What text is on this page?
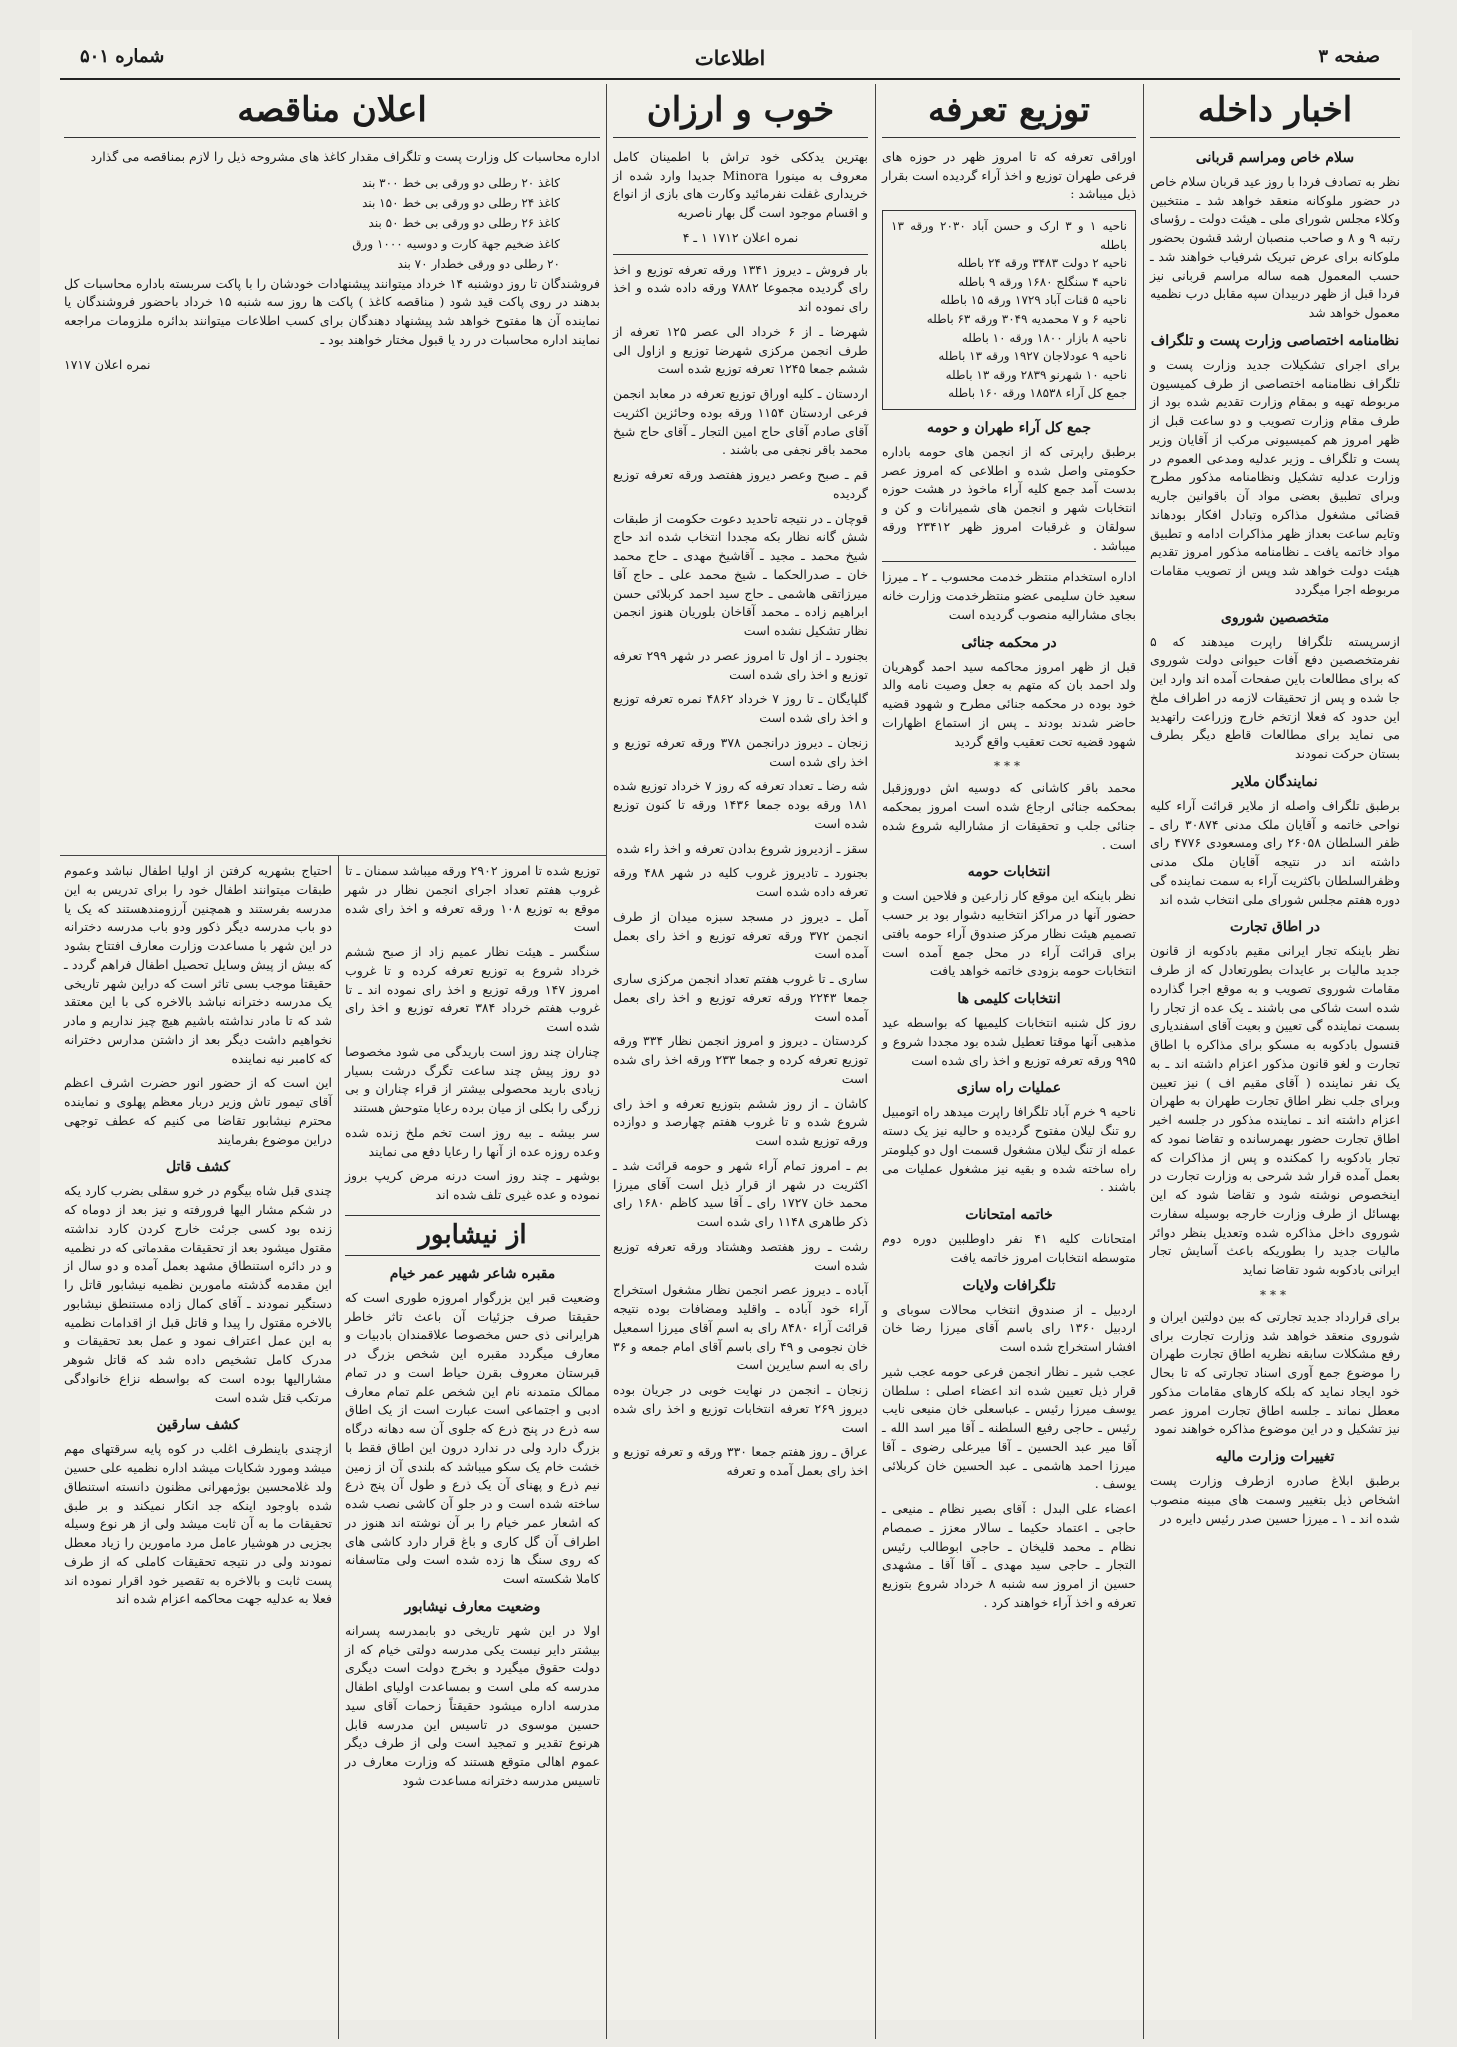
شماره ۵۰۱	اطلاعات	صفحه ۳
اخبار داخله
سلام خاص ومراسم قربانی

نظر به تصادف فردا با روز عید قربان سلام خاص در حضور ملوکانه منعقد خواهد شد ـ منتخبین وکلاء مجلس شورای ملی ـ هیئت دولت ـ رؤسای رتبه ۹ و ۸ و صاحب منصبان ارشد قشون بحضور ملوکانه برای عرض تبریک شرفیاب خواهند شد ـ حسب المعمول همه ساله مراسم قربانی نیز فردا قبل از ظهر دربیدان سپه مقابل درب نظمیه معمول خواهد شد

نظامنامه اختصاصی وزارت پست و تلگراف

برای اجرای تشکیلات جدید وزارت پست و تلگراف نظامنامه اختصاصی از طرف کمیسیون مربوطه تهیه و بمقام وزارت تقدیم شده بود از طرف مقام وزارت تصویب و دو ساعت قبل از ظهر امروز هم کمیسیونی مرکب از آقایان وزیر پست و تلگراف ـ وزیر عدلیه ومدعی العموم در وزارت عدلیه تشکیل ونظامنامه مذکور مطرح وبرای تطبیق بعضی مواد آن باقوانین جاریه قضائی مشغول مذاکره وتبادل افکار بودهاند وتایم ساعت بعداز ظهر مذاکرات ادامه و تطبیق مواد خاتمه یافت ـ نظامنامه مذکور امروز تقدیم هیئت دولت خواهد شد وپس از تصویب مقامات مربوطه اجرا میگردد

متخصصین شوروی

ازسرپسته تلگرافا راپرت میدهند که ۵ نفرمتخصصین دفع آفات حیوانی دولت شوروی که برای مطالعات باین صفحات آمده اند وارد این جا شده و پس از تحقیقات لازمه در اطراف ملخ این حدود که فعلا ازتخم خارج وزراعت راتهدید می نماید برای مطالعات قاطع دیگر بطرف بستان حرکت نمودند

نمایندگان ملایر

برطبق تلگراف واصله از ملایر قرائت آراء کلیه نواحی خاتمه و آقایان ملک مدنی ۳۰۸۷۴ رای ـ ظفر السلطان ۲۶۰۵۸ رای ومسعودی ۴۷۷۶ رای داشته اند در نتیجه آقایان ملک مدنی وظفرالسلطان باکثریت آراء به سمت نماینده گی دوره هفتم مجلس شورای ملی انتخاب شده اند

در اطاق تجارت

نظر باینکه تجار ایرانی مقیم بادکوبه از قانون جدید مالیات بر عایدات بطورتعادل که از طرف مقامات شوروی تصویب و به موقع اجرا گذارده شده است شاکی می باشند ـ یک عده از تجار را بسمت نماینده گی تعیین و بعیت آقای اسفندیاری قنسول بادکوبه به مسکو برای مذاکره با اطاق تجارت و لغو قانون مذکور اعزام داشته اند ـ به یک نفر نماینده ( آقای مقیم اف ) نیز تعیین وبرای جلب نظر اطاق تجارت طهران به طهران اعزام داشته اند ـ نماینده مذکور در جلسه اخیر اطاق تجارت حضور بهمرسانده و تقاضا نمود که تجار بادکوبه را کمکنده و پس از مذاکرات که بعمل آمده قرار شد شرحی به وزارت تجارت در اینخصوص نوشته شود و تقاضا شود که این بهسائل از طرف وزارت خارجه بوسیله سفارت شوروی داخل مذاکره شده وتعدیل بنظر دوائر مالیات جدید را بطوریکه باعث آسایش تجار ایرانی بادکوبه شود تقاضا نماید

***

برای قرارداد جدید تجارتی که بین دولتین ایران و شوروی منعقد خواهد شد وزارت تجارت برای رفع مشکلات سابقه نظریه اطاق تجارت طهران را موضوع جمع آوری اسناد تجارتی که تا بحال خود ایجاد نماید که بلکه کارهای مقامات مذکور معطل نماند ـ جلسه اطاق تجارت امروز عصر نیز تشکیل و در این موضوع مذاکره خواهند نمود

تغییرات وزارت مالیه

برطبق ابلاغ صادره ازطرف وزارت پست اشخاص ذیل بتغییر وسمت های مبینه منصوب شده اند ـ ۱ ـ میرزا حسین صدر رئیس دایره در

توزیع تعرفه

اوراقی تعرفه که تا امروز ظهر در حوزه های فرعی طهران توزیع و اخذ آراء گردیده است بقرار ذیل میباشد :

ناحیه ۱ و ۳ ارک و حسن آباد ۲۰۳۰ ورقه ۱۳ باطله
ناحیه ۲ دولت ۳۴۸۳ ورقه ۲۴ باطله
ناحیه ۴ سنگلج ۱۶۸۰ ورقه ۹ باطله
ناحیه ۵ قنات آباد ۱۷۲۹ ورقه ۱۵ باطله
ناحیه ۶ و ۷ محمدیه ۳۰۴۹ ورقه ۶۳ باطله
ناحیه ۸ بازار ۱۸۰۰ ورقه ۱۰ باطله
ناحیه ۹ عودلاجان ۱۹۲۷ ورقه ۱۳ باطله
ناحیه ۱۰ شهرنو ۲۸۳۹ ورقه ۱۳ باطله
جمع کل آراء ۱۸۵۳۸ ورقه ۱۶۰ باطله
جمع کل آراء طهران و حومه

برطبق راپرتی که از انجمن های حومه باداره حکومتی واصل شده و اطلاعی که امروز عصر بدست آمد جمع کلیه آراء ماخوذ در هشت حوزه انتخابات شهر و انجمن های شمیرانات و کن و سولقان و غرقبات امروز ظهر ۲۳۴۱۲ ورقه میباشد .

اداره استخدام منتظر خدمت محسوب ـ ۲ ـ میرزا سعید خان سلیمی عضو منتظرخدمت وزارت خانه بجای مشارالیه منصوب گردیده است

در محکمه جنائی

قبل از ظهر امروز محاکمه سید احمد گوهریان ولد احمد بان که متهم به جعل وصیت نامه والد خود بوده در محکمه جنائی مطرح و شهود قضیه حاضر شدند بودند ـ پس از استماع اظهارات شهود قضیه تحت تعقیب واقع گردید

***

محمد باقر کاشانی که دوسیه اش دوروزقبل بمحکمه جنائی ارجاع شده است امروز بمحکمه جنائی جلب و تحقیقات از مشارالیه شروع شده است .

انتخابات حومه

نظر باینکه این موقع کار زارعین و فلاحین است و حضور آنها در مراکز انتخابیه دشوار بود بر حسب تصمیم هیئت نظار مرکز صندوق آراء حومه بافتی برای قرائت آراء در محل جمع آمده است انتخابات حومه بزودی خاتمه خواهد یافت

انتخابات کلیمی ها

روز کل شنبه انتخابات کلیمیها که بواسطه عید مذهبی آنها موقتا تعطیل شده بود مجددا شروع و ۹۹۵ ورقه تعرفه توزیع و اخذ رای شده است

عملیات راه سازی

ناحیه ۹ خرم آباد تلگرافا راپرت میدهد راه اتومبیل رو تنگ لیلان مفتوح گردیده و حالیه نیز یک دسته عمله از تنگ لیلان مشغول قسمت اول دو کیلومتر راه ساخته شده و بقیه نیز مشغول عملیات می باشند .

خاتمه امتحانات

امتحانات کلیه ۴۱ نفر داوطلبین دوره دوم متوسطه انتخابات امروز خاتمه یافت

تلگرافات ولایات

اردبیل ـ از صندوق انتخاب محالات سوبای و اردبیل ۱۳۶۰ رای باسم آقای میرزا رضا خان افشار استخراج شده است

عجب شیر ـ نظار انجمن فرعی حومه عجب شیر قرار ذیل تعیین شده اند اعضاء اصلی : سلطان یوسف میرزا رئیس ـ عباسعلی خان منیعی نایب رئیس ـ حاجی رفیع السلطنه ـ آقا میر اسد الله ـ آقا میر عبد الحسین ـ آقا میرعلی رضوی ـ آقا میرزا احمد هاشمی ـ عبد الحسین خان کربلائی یوسف .

اعضاء علی البدل : آقای بصیر نظام ـ منیعی ـ حاجی ـ اعتماد حکیما ـ سالار معزز ـ صمصام نظام ـ محمد قلیخان ـ حاجی ابوطالب رئیس التجار ـ حاجی سید مهدی ـ آقا آقا ـ مشهدی حسین از امروز سه شنبه ۸ خرداد شروع بتوزیع تعرفه و اخذ آراء خواهند کرد .

خوب و ارزان

بهترین یدککی خود تراش با اطمینان کامل معروف به مینورا Minora جدیدا وارد شده از خریداری غفلت نفرمائید وکارت های بازی از انواع و اقسام موجود است گل بهار ناصریه

نمره اعلان ۱۷۱۲ ۱ ـ ۴

بار فروش ـ دیروز ۱۳۴۱ ورقه تعرفه توزیع و اخذ رای گردیده مجموعا ۷۸۸۲ ورقه داده شده و اخذ رای نموده اند

شهرضا ـ از ۶ خرداد الی عصر ۱۲۵ تعرفه از طرف انجمن مرکزی شهرضا توزیع و ازاول الی ششم جمعا ۱۲۴۵ تعرفه توزیع شده است

اردستان ـ کلیه اوراق توزیع تعرفه در معابد انجمن فرعی اردستان ۱۱۵۴ ورقه بوده وحائزین اکثریت آقای صادم آقای حاج امین التجار ـ آقای حاج شیخ محمد باقر نجفی می باشند .

قم ـ صبح وعصر دیروز هفتصد ورقه تعرفه توزیع گردیده

قوچان ـ در نتیجه تاحدید دعوت حکومت از طبقات شش گانه نظار بکه مجددا انتخاب شده اند حاج شیخ محمد ـ مجید ـ آقاشیخ مهدی ـ حاج محمد خان ـ صدرالحکما ـ شیخ محمد علی ـ حاج آقا میرزاتقی هاشمی ـ حاج سید احمد کربلائی حسن ابراهیم زاده ـ محمد آقاخان بلوریان هنوز انجمن نظار تشکیل نشده است

بجنورد ـ از اول تا امروز عصر در شهر ۲۹۹ تعرفه توزیع و اخذ رای شده است

گلپایگان ـ تا روز ۷ خرداد ۴۸۶۲ نمره تعرفه توزیع و اخذ رای شده است

زنجان ـ دیروز درانجمن ۳۷۸ ورقه تعرفه توزیع و اخذ رای شده است

شه رضا ـ تعداد تعرفه که روز ۷ خرداد توزیع شده ۱۸۱ ورقه بوده جمعا ۱۴۳۶ ورقه تا کنون توزیع شده است

سقز ـ ازدیروز شروع بدادن تعرفه و اخذ راء شده

بجنورد ـ تادیروز غروب کلیه در شهر ۴۸۸ ورقه تعرفه داده شده است

آمل ـ دیروز در مسجد سبزه میدان از طرف انجمن ۳۷۲ ورقه تعرفه توزیع و اخذ رای بعمل آمده است

ساری ـ تا غروب هفتم تعداد انجمن مرکزی ساری جمعا ۲۲۴۳ ورقه تعرفه توزیع و اخذ رای بعمل آمده است

کردستان ـ دیروز و امروز انجمن نظار ۳۳۴ ورقه توزیع تعرفه کرده و جمعا ۲۳۳ ورقه اخذ رای شده است

کاشان ـ از روز ششم بتوزیع تعرفه و اخذ رای شروع شده و تا غروب هفتم چهارصد و دوازده ورقه توزیع شده است

بم ـ امروز تمام آراء شهر و حومه قرائت شد ـ اکثریت در شهر از قرار ذیل است آقای میرزا محمد خان ۱۷۲۷ رای ـ آقا سید کاظم ۱۶۸۰ رای ذکر طاهری ۱۱۴۸ رای شده است

رشت ـ روز هفتصد وهشتاد ورقه تعرفه توزیع شده است

آباده ـ دیروز عصر انجمن نظار مشغول استخراج آراء خود آباده ـ واقلید ومضافات بوده نتیجه قرائت آراء ۸۴۸۰ رای به اسم آقای میرزا اسمعیل خان نجومی و ۴۹ رای باسم آقای امام جمعه و ۳۶ رای به اسم سایرین است

زنجان ـ انجمن در نهایت خوبی در جریان بوده دیروز ۲۶۹ تعرفه انتخابات توزیع و اخذ رای شده است

عراق ـ روز هفتم جمعا ۳۳۰ ورقه و تعرفه توزیع و اخذ رای بعمل آمده و تعرفه

اعلان مناقصه

اداره محاسبات کل وزارت پست و تلگراف مقدار کاغذ های مشروحه ذیل را لازم بمناقصه می گذارد

کاغذ ۲۰ رطلی دو ورقی بی خط ۳۰۰ بند
کاغذ ۲۴ رطلی دو ورقی بی خط ۱۵۰ بند
کاغذ ۲۶ رطلی دو ورقی بی خط ۵۰ بند
کاغذ ضخیم جهة کارت و دوسیه ۱۰۰۰ ورق
۲۰ رطلی دو ورقی خطدار ۷۰ بند

فروشندگان تا روز دوشنبه ۱۴ خرداد میتوانند پیشنهادات خودشان را با پاکت سربسته باداره محاسبات کل بدهند در روی پاکت قید شود ( مناقصه کاغذ ) پاکت ها روز سه شنبه ۱۵ خرداد باحضور فروشندگان یا نماینده آن ها مفتوح خواهد شد پیشنهاد دهندگان برای کسب اطلاعات میتوانند بدائره ملزومات مراجعه نمایند اداره محاسبات در رد یا قبول مختار خواهند بود ـ

نمره اعلان ۱۷۱۷

توزیع شده تا امروز ۲۹۰۲ ورقه میباشد سمنان ـ تا غروب هفتم تعداد اجرای انجمن نظار در شهر موقع به توزیع ۱۰۸ ورقه تعرفه و اخذ رای شده است

سنگسر ـ هیئت نظار عمیم زاد از صبح ششم خرداد شروع به توزیع تعرفه کرده و تا غروب امروز ۱۴۷ ورقه توزیع و اخذ رای نموده اند ـ تا غروب هفتم خرداد ۳۸۴ تعرفه توزیع و اخذ رای شده است

چناران چند روز است باریدگی می شود مخصوصا دو روز پیش چند ساعت تگرگ درشت بسیار زیادی بارید محصولی بیشتر از قراء چناران و بی زرگی را بکلی از میان برده رعایا متوحش هستند

سر بیشه ـ بیه روز است تخم ملخ زنده شده وعده روزه عده از آنها را رعایا دفع می نمایند

بوشهر ـ چند روز است درنه مرض کریپ بروز نموده و عده غیری تلف شده اند

از نیشابور
مقبره شاعر شهیر عمر خیام

وضعیت قبر این بزرگوار امروزه طوری است که حقیقتا صرف جزئیات آن باعث تاثر خاطر هرایرانی ذی حس مخصوصا علاقمندان بادبیات و معارف میگردد مقبره این شخص بزرگ در قبرستان معروف بقرن حیاط است و در تمام ممالک متمدنه نام این شخص علم تمام معارف ادبی و اجتماعی است عبارت است از یک اطاق سه ذرع در پنج ذرع که جلوی آن سه دهانه درگاه بزرگ دارد ولی در ندارد درون این اطاق فقط با خشت خام یک سکو میباشد که بلندی آن از زمین نیم ذرع و پهنای آن یک ذرع و طول آن پنج ذرع ساخته شده است و در جلو آن کاشی نصب شده که اشعار عمر خیام را بر آن نوشته اند هنوز در اطراف آن گل کاری و باغ قرار دارد کاشی های که روی سنگ ها زده شده است ولی متاسفانه کاملا شکسته است

وضعیت معارف نیشابور

اولا در این شهر تاریخی دو بابمدرسه پسرانه بیشتر دایر نیست یکی مدرسه دولتی خیام که از دولت حقوق میگیرد و بخرج دولت است دیگری مدرسه که ملی است و بمساعدت اولیای اطفال مدرسه اداره میشود حقیقتاً زحمات آقای سید حسین موسوی در تاسیس این مدرسه قابل هرنوع تقدیر و تمجید است ولی از طرف دیگر عموم اهالی متوقع هستند که وزارت معارف در تاسیس مدرسه دخترانه مساعدت شود

احتیاج بشهریه کرفتن از اولیا اطفال نباشد وعموم طبقات میتوانند اطفال خود را برای تدریس به این مدرسه بفرستند و همچنین آرزومندهستند که یک یا دو باب مدرسه دیگر ذکور ودو باب مدرسه دخترانه در این شهر با مساعدت وزارت معارف افتتاح بشود که بیش از پیش وسایل تحصیل اطفال فراهم گردد ـ حقیقتا موجب بسی تاثر است که دراین شهر تاریخی یک مدرسه دخترانه نباشد بالاخره کی با این معتقد شد که تا مادر نداشته باشیم هیچ چیز نداریم و مادر نخواهیم داشت دیگر بعد از داشتن مدارس دخترانه که کامبر نیه نماینده

این است که از حضور انور حضرت اشرف اعظم آقای تیمور تاش وزیر دربار معظم پهلوی و نماینده محترم نیشابور تقاضا می کنیم که عطف توجهی دراین موضوع بفرمایند

کشف قاتل

چندی قبل شاه بیگوم در خرو سقلی بضرب کارد یکه در شکم مشار الیها فرورفته و نیز بعد از دوماه که زنده بود کسی جرئت خارج کردن کارد نداشته مقتول میشود بعد از تحقیقات مقدماتی که در نظمیه و در دائره استنطاق مشهد بعمل آمده و دو سال از این مقدمه گذشته مامورین نظمیه نیشابور قاتل را دستگیر نمودند ـ آقای کمال زاده مستنطق نیشابور بالاخره مقتول را پیدا و قاتل قبل از اقدامات نظمیه به این عمل اعتراف نمود و عمل بعد تحقیقات و مدرک کامل تشخیص داده شد که قاتل شوهر مشارالیها بوده است که بواسطه نزاع خانوادگی مرتکب قتل شده است

کشف سارقین

ازچندی باینطرف اغلب در کوه پایه سرقتهای مهم میشد ومورد شکایات میشد اداره نظمیه علی حسین ولد غلامحسین بوژمهرانی مظنون دانسته استنطاق شده باوجود اینکه جد انکار نمیکند و بر طبق تحقیقات ما به آن ثابت میشد ولی از هر نوع وسیله بجزیی در هوشیار عامل مرد مامورین را زیاد معطل نمودند ولی در نتیجه تحقیقات کاملی که از طرف پست ثابت و بالاخره به تقصیر خود اقرار نموده اند فعلا به عدلیه جهت محاکمه اعزام شده اند
